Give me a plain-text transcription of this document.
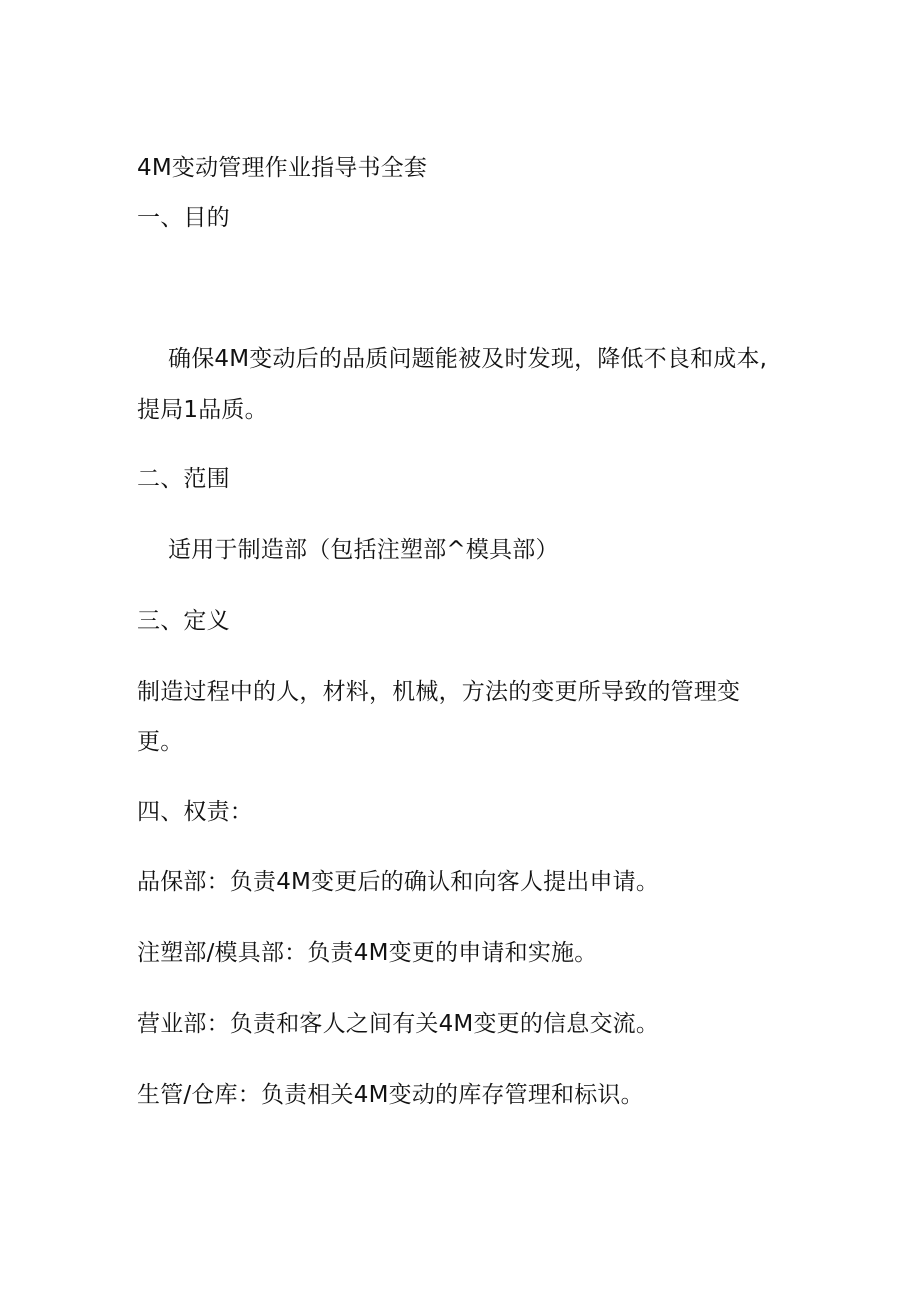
4M变动管理作业指导书全套
一、目的
确保4M变动后的品质问题能被及时发现，降低不良和成本,
提局1品质。
二、范围
适用于制造部（包括注塑部^模具部）
三、定义
制造过程中的人，材料，机械，方法的变更所导致的管理变
更。
四、权责：
品保部：负责4M变更后的确认和向客人提出申请。
注塑部/模具部：负责4M变更的申请和实施。
营业部：负责和客人之间有关4M变更的信息交流。
生管/仓库：负责相关4M变动的库存管理和标识。
